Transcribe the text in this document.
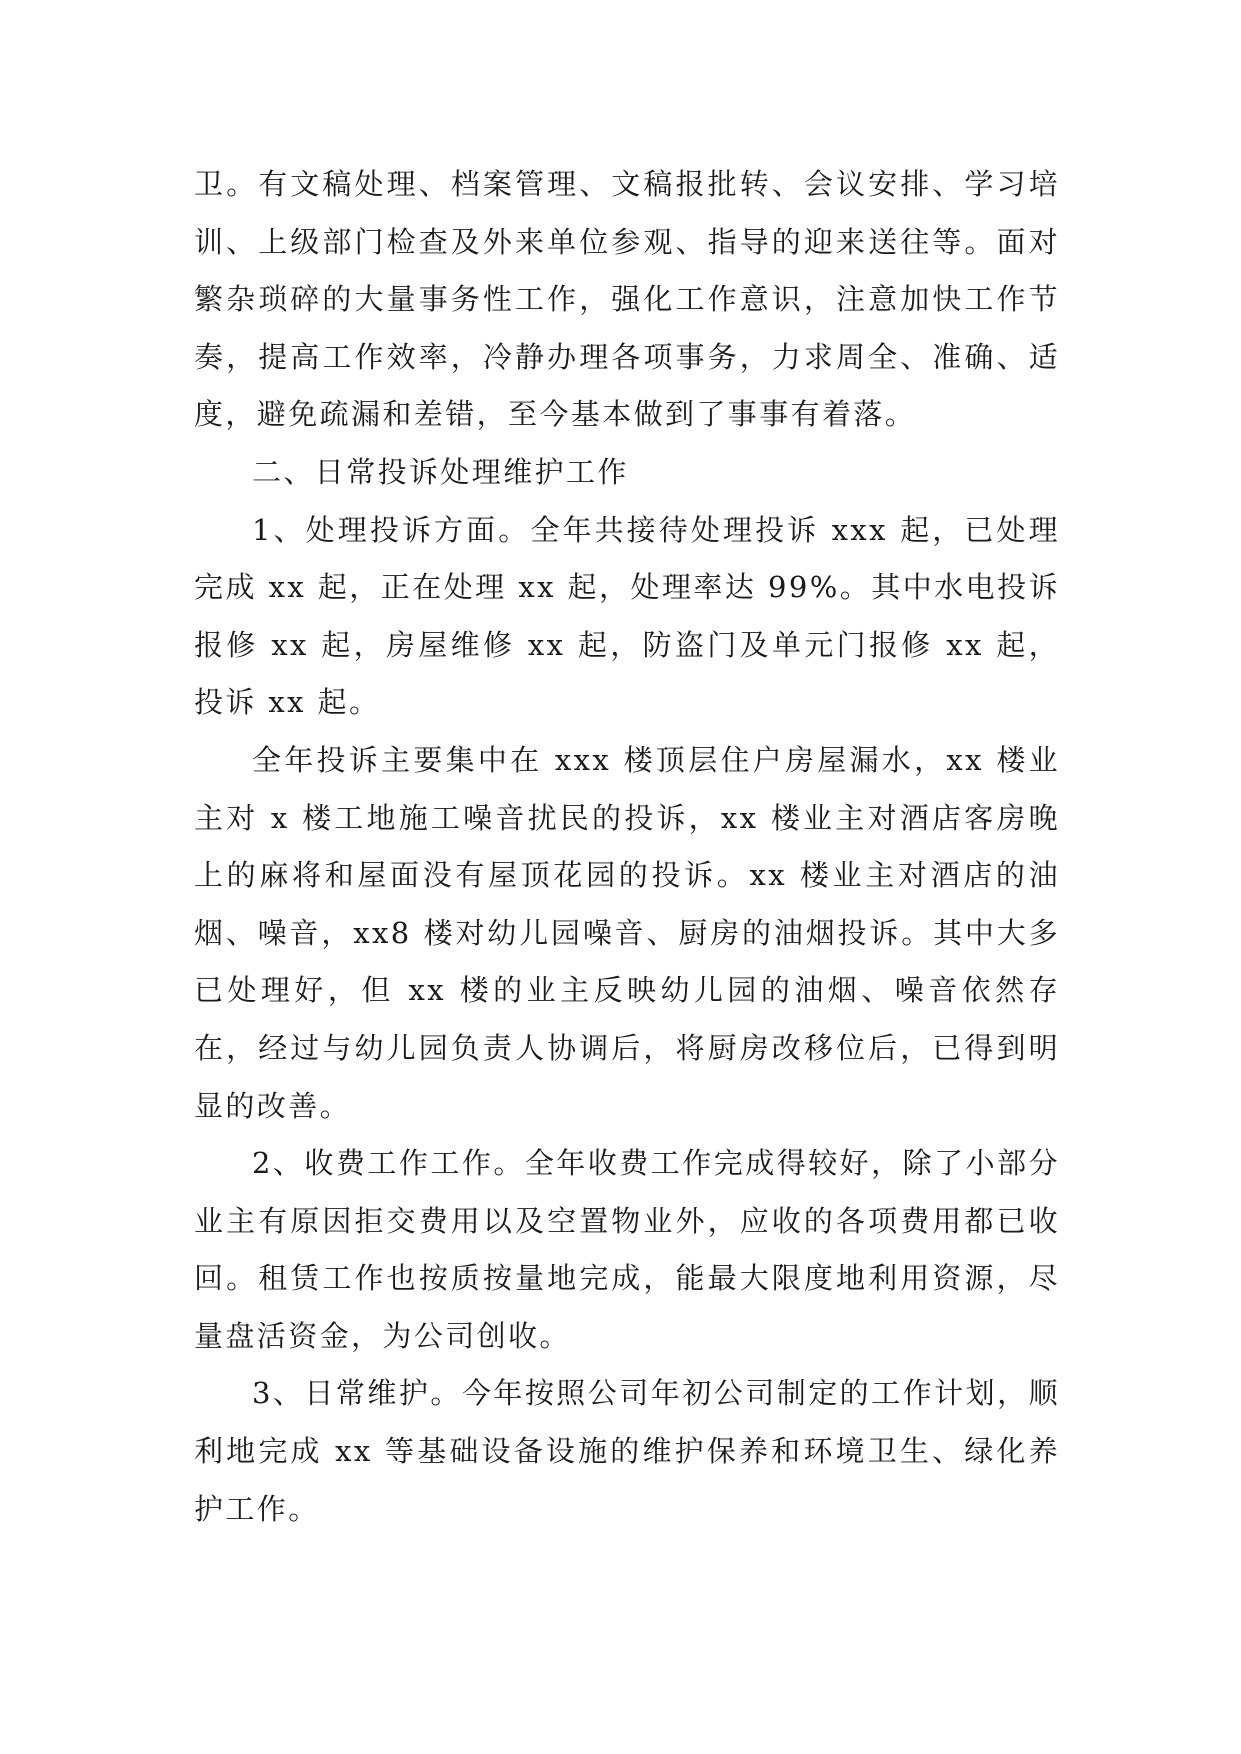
卫。有文稿处理、档案管理、文稿报批转、会议安排、学习培训、上级部门检查及外来单位参观、指导的迎来送往等。面对繁杂琐碎的大量事务性工作，强化工作意识，注意加快工作节奏，提高工作效率，冷静办理各项事务，力求周全、准确、适度，避免疏漏和差错，至今基本做到了事事有着落。

二、日常投诉处理维护工作

1、处理投诉方面。全年共接待处理投诉 xxx 起，已处理完成 xx 起，正在处理 xx 起，处理率达 99%。其中水电投诉报修 xx 起，房屋维修 xx 起，防盗门及单元门报修 xx 起，投诉 xx 起。

全年投诉主要集中在 xxx 楼顶层住户房屋漏水，xx 楼业主对 x 楼工地施工噪音扰民的投诉，xx 楼业主对酒店客房晚上的麻将和屋面没有屋顶花园的投诉。xx 楼业主对酒店的油烟、噪音，xx8 楼对幼儿园噪音、厨房的油烟投诉。其中大多已处理好，但 xx 楼的业主反映幼儿园的油烟、噪音依然存在，经过与幼儿园负责人协调后，将厨房改移位后，已得到明显的改善。

2、收费工作工作。全年收费工作完成得较好，除了小部分业主有原因拒交费用以及空置物业外，应收的各项费用都已收回。租赁工作也按质按量地完成，能最大限度地利用资源，尽量盘活资金，为公司创收。

3、日常维护。今年按照公司年初公司制定的工作计划，顺利地完成 xx 等基础设备设施的维护保养和环境卫生、绿化养护工作。
